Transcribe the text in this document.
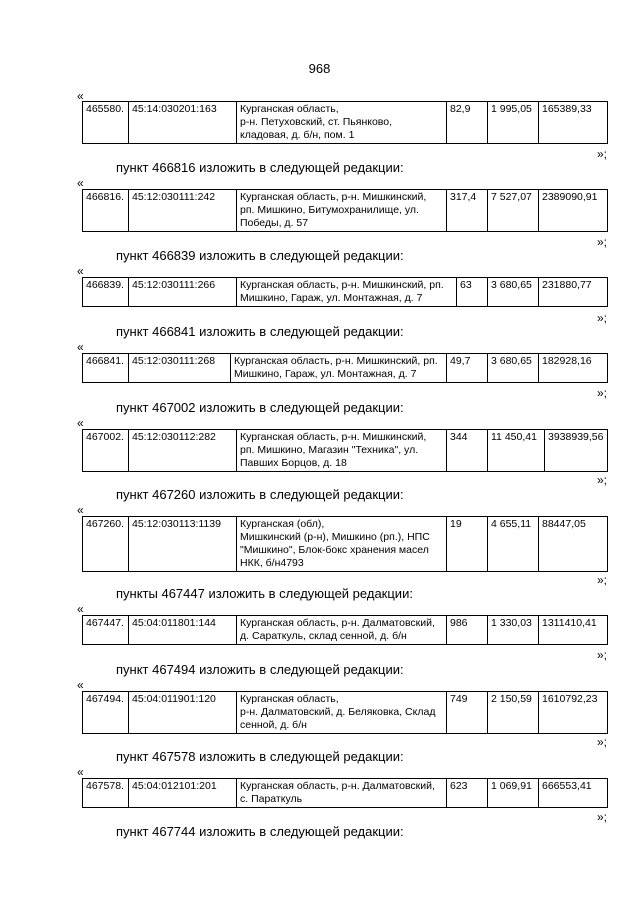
968
«
465580.	45:14:030201:163	Курганская область,
р-н. Петуховский, ст. Пьянково,
кладовая, д. б/н, пом. 1
	82,9	1 995,05	165389,33
»;
пункт 466816 изложить в следующей редакции:
«
466816.	45:12:030111:242	Курганская область, р-н. Мишкинский,
рп. Мишкино, Битумохранилище, ул.
Победы, д. 57
	317,4	7 527,07	2389090,91
»;
пункт 466839 изложить в следующей редакции:
«
466839.	45:12:030111:266	Курганская область, р-н. Мишкинский, рп.
Мишкино, Гараж, ул. Монтажная, д. 7
	63	3 680,65	231880,77
»;
пункт 466841 изложить в следующей редакции:
«
466841.	45:12:030111:268	Курганская область, р-н. Мишкинский, рп.
Мишкино, Гараж, ул. Монтажная, д. 7
	49,7	3 680,65	182928,16
»;
пункт 467002 изложить в следующей редакции:
«
467002.	45:12:030112:282	Курганская область, р-н. Мишкинский,
рп. Мишкино, Магазин "Техника", ул.
Павших Борцов, д. 18
	344	11 450,41	3938939,56
»;
пункт 467260 изложить в следующей редакции:
«
467260.	45:12:030113:1139	Курганская (обл),
Мишкинский (р-н), Мишкино (рп.), НПС
"Мишкино", Блок-бокс хранения масел
НКК, б/н4793
	19	4 655,11	88447,05
»;
пункты 467447 изложить в следующей редакции:
«
467447.	45:04:011801:144	Курганская область, р-н. Далматовский,
д. Сараткуль, склад сенной, д. б/н
	986	1 330,03	1311410,41
»;
пункт 467494 изложить в следующей редакции:
«
467494.	45:04:011901:120	Курганская область,
р-н. Далматовский, д. Беляковка, Склад
сенной, д. б/н
	749	2 150,59	1610792,23
»;
пункт 467578 изложить в следующей редакции:
«
467578.	45:04:012101:201	Курганская область, р-н. Далматовский,
с. Параткуль
	623	1 069,91	666553,41
»;
пункт 467744 изложить в следующей редакции:
